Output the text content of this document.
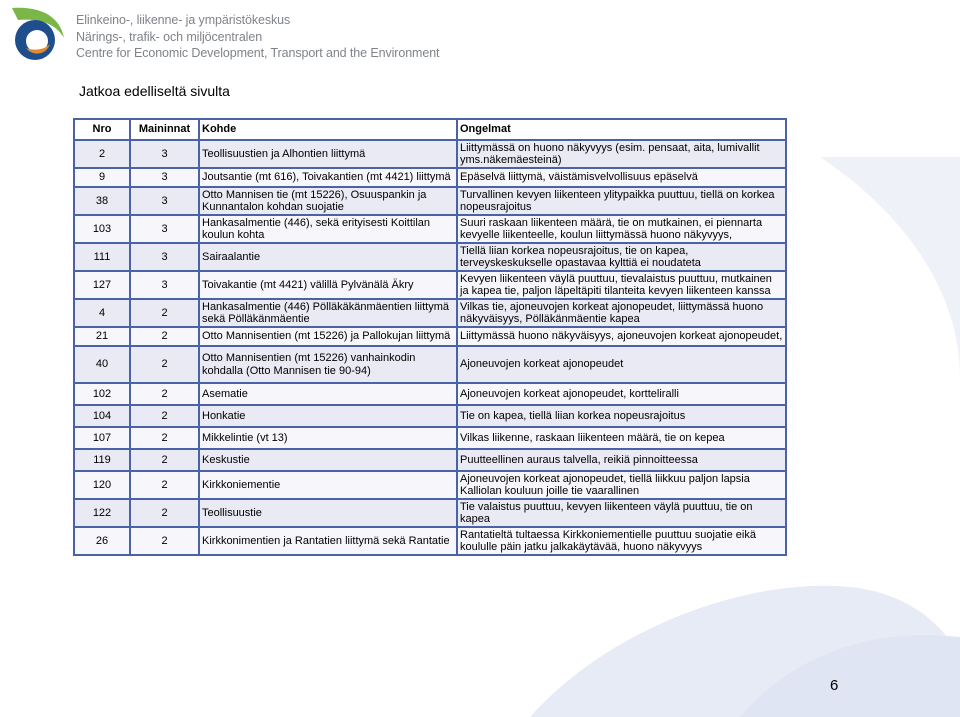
Elinkeino-, liikenne- ja ympäristökeskus
Närings-, trafik- och miljöcentralen
Centre for Economic Development, Transport and the Environment
Jatkoa edelliseltä sivulta
Nro	Maininnat	Kohde	Ongelmat
2	3	Teollisuustien ja Alhontien liittymä	Liittymässä on huono näkyvyys (esim. pensaat, aita, lumivallit yms.näkemäesteinä)
9	3	Joutsantie (mt 616), Toivakantien (mt 4421) liittymä	Epäselvä liittymä, väistämisvelvollisuus epäselvä
38	3	Otto Mannisen tie (mt 15226), Osuuspankin ja Kunnantalon kohdan suojatie	Turvallinen kevyen liikenteen ylitypaikka puuttuu, tiellä on korkea nopeusrajoitus
103	3	Hankasalmentie (446), sekä erityisesti Koittilan koulun kohta	Suuri raskaan liikenteen määrä, tie on mutkainen, ei piennarta kevyelle liikenteelle, koulun liittymässä huono näkyvyys,
111	3	Sairaalantie	Tiellä liian korkea nopeusrajoitus, tie on kapea, terveyskeskukselle opastavaa kylttiä ei noudateta
127	3	Toivakantie (mt 4421) välillä Pylvänälä Äkry	Kevyen liikenteen väylä puuttuu, tievalaistus puuttuu, mutkainen ja kapea tie, paljon läpeltäpiti tilanteita kevyen liikenteen kanssa
4	2	Hankasalmentie (446) Pölläkäkänmäentien liittymä sekä Pölläkänmäentie	Vilkas tie, ajoneuvojen korkeat ajonopeudet, liittymässä huono näkyväisyys, Pölläkänmäentie kapea
21	2	Otto Mannisentien (mt 15226) ja Pallokujan liittymä	Liittymässä huono näkyväisyys, ajoneuvojen korkeat ajonopeudet,
40	2	Otto Mannisentien (mt 15226) vanhainkodin kohdalla (Otto Mannisen tie 90-94)	Ajoneuvojen korkeat ajonopeudet
102	2	Asematie	Ajoneuvojen korkeat ajonopeudet, kortteliralli
104	2	Honkatie	Tie on kapea, tiellä liian korkea nopeusrajoitus
107	2	Mikkelintie (vt 13)	Vilkas liikenne, raskaan liikenteen määrä, tie on kepea
119	2	Keskustie	Puutteellinen auraus talvella, reikiä pinnoitteessa
120	2	Kirkkoniementie	Ajoneuvojen korkeat ajonopeudet, tiellä liikkuu paljon lapsia Kalliolan kouluun joille tie vaarallinen
122	2	Teollisuustie	Tie valaistus puuttuu, kevyen liikenteen väylä puuttuu, tie on kapea
26	2	Kirkkonimentien ja Rantatien liittymä sekä Rantatie	Rantatieltä tultaessa Kirkkoniementielle puuttuu suojatie eikä koululle päin jatku jalkakäytävää, huono näkyvyys
6
